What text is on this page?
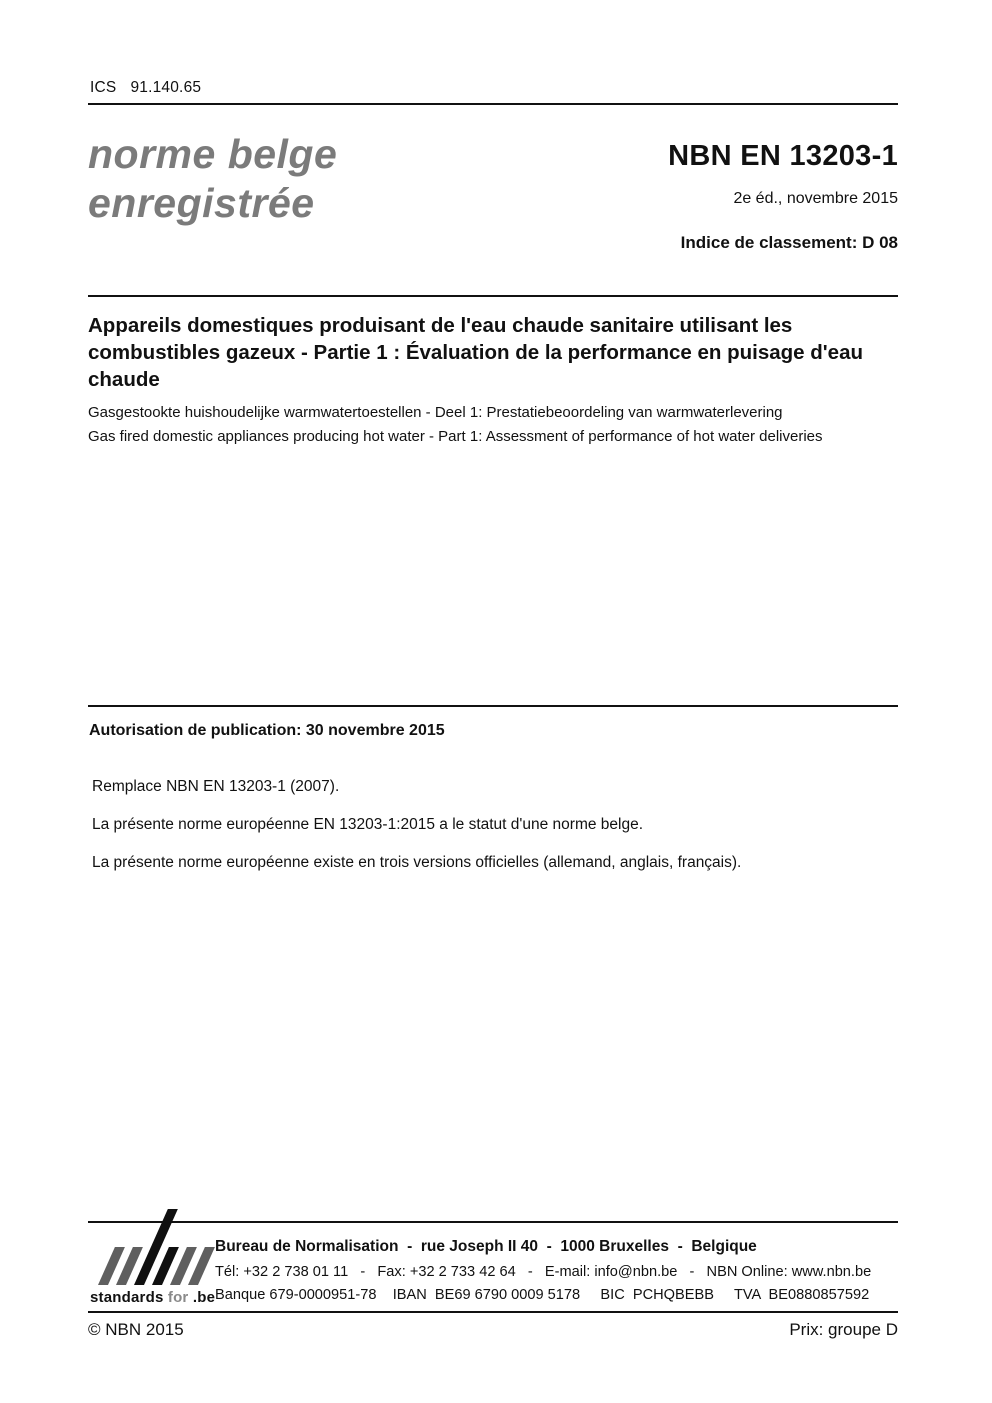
ICS 91.140.65
norme belge
enregistrée
NBN EN 13203-1
2e éd., novembre 2015
Indice de classement: D 08
Appareils domestiques produisant de l'eau chaude sanitaire utilisant les combustibles gazeux - Partie 1 : Évaluation de la performance en puisage d'eau chaude
Gasgestookte huishoudelijke warmwatertoestellen - Deel 1: Prestatiebeoordeling van warmwaterlevering
Gas fired domestic appliances producing hot water - Part 1: Assessment of performance of hot water deliveries
Autorisation de publication: 30 novembre 2015
Remplace NBN EN 13203-1 (2007).
La présente norme européenne EN 13203-1:2015 a le statut d'une norme belge.
La présente norme européenne existe en trois versions officielles (allemand, anglais, français).
standards for .be
Bureau de Normalisation  -  rue Joseph II 40  -  1000 Bruxelles  -  Belgique
Tél: +32 2 738 01 11   -   Fax: +32 2 733 42 64   -   E-mail: info@nbn.be   -   NBN Online: www.nbn.be
Banque 679-0000951-78    IBAN  BE69 6790 0009 5178     BIC  PCHQBEBB     TVA  BE0880857592
© NBN 2015	Prix: groupe D
